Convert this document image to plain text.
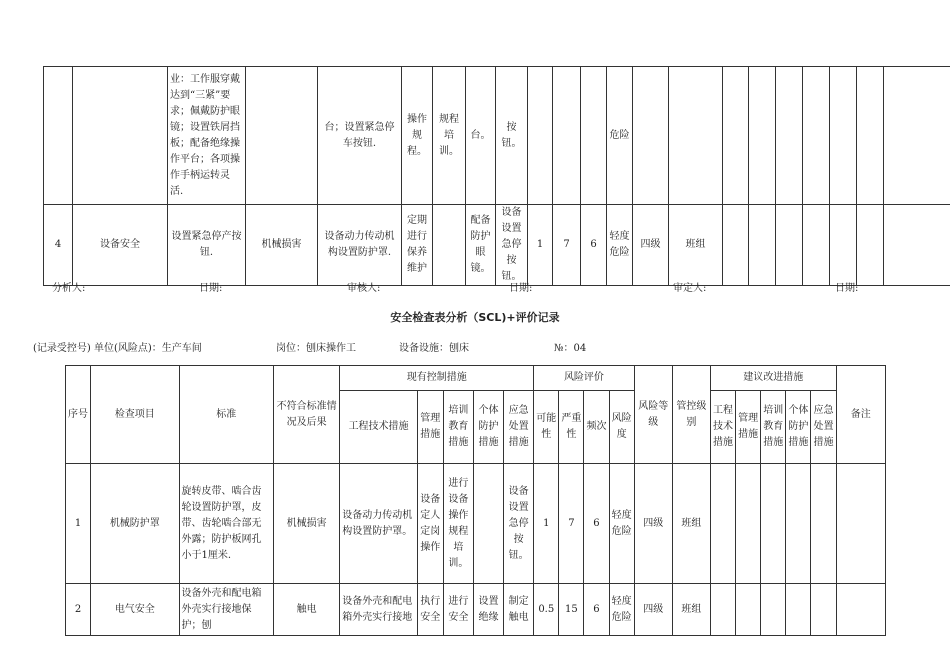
		业：工作服穿戴达到“三紧”要求；佩戴防护眼镜；设置铁屑挡板；配备绝缘操作平台；各项操作手柄运转灵活.		台；设置紧急停车按钮.	操作规程。	规程培训。	台。	按钮。				危险									
4	设备安全	设置紧急停产按钮.	机械损害	设备动力传动机构设置防护罩.	定期进行保养维护		配备防护眼镜。	设备设置急停按钮。	1	7	6	轻度危险	四级	班组							
分析人:	日期:	审核人:	日期:	审定人:	日期:
安全检查表分析（SCL)+评价记录
(记录受控号) 单位(风险点)：生产车间	岗位：刨床操作工	设备设施：刨床	№：04
序号	检查项目	标准	不符合标准情况及后果	现有控制措施					风险评价				风险等级	管控级别	建议改进措施					备注
				工程技术措施	管理措施	培训教育措施	个体防护措施	应急处置措施	可能性	严重性	频次	风险度			工程技术措施	管理措施	培训教育措施	个体防护措施	应急处置措施	
1	机械防护罩	旋转皮带、啮合齿轮设置防护罩，皮带、齿轮啮合部无外露；防护板网孔小于1厘米.	机械损害	设备动力传动机构设置防护罩。	设备定人定岗操作	进行设备操作规程培训。		设备设置急停按钮。	1	7	6	轻度危险	四级	班组						
2	电气安全	设备外壳和配电箱外壳实行接地保护；刨	触电	设备外壳和配电箱外壳实行接地	执行安全	进行安全	设置绝缘	制定触电	0.5	15	6	轻度危险	四级	班组						
